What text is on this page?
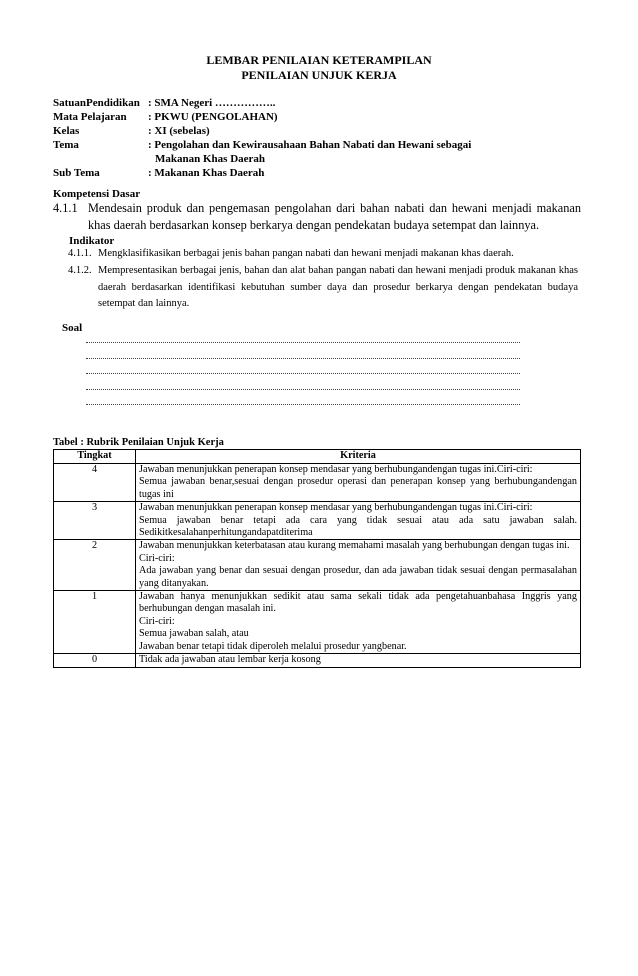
LEMBAR PENILAIAN KETERAMPILAN
PENILAIAN UNJUK KERJA
SatuanPendidikan : SMA Negeri ……………..
Mata Pelajaran : PKWU (PENGOLAHAN)
Kelas	: XI (sebelas)
Tema	: Pengolahan dan Kewirausahaan Bahan Nabati dan Hewani sebagai
Makanan Khas Daerah
Sub Tema	: Makanan Khas Daerah
Kompetensi Dasar
4.1.1 Mendesain produk dan pengemasan pengolahan dari bahan nabati dan hewani menjadi makanan khas daerah berdasarkan konsep berkarya dengan pendekatan budaya setempat dan lainnya.
Indikator
4.1.1. Mengklasifikasikan berbagai jenis bahan pangan nabati dan hewani menjadi makanan khas daerah.
4.1.2. Mempresentasikan berbagai jenis, bahan dan alat bahan pangan nabati dan hewani menjadi produk makanan khas daerah berdasarkan identifikasi kebutuhan sumber daya dan prosedur berkarya dengan pendekatan budaya setempat dan lainnya.
Soal
Tabel : Rubrik Penilaian Unjuk Kerja
Tingkat	Kriteria
4	Jawaban menunjukkan penerapan konsep mendasar yang berhubungandengan tugas ini.Ciri-ciri:
Semua jawaban benar,sesuai dengan prosedur operasi dan penerapan konsep yang berhubungandengan tugas ini

3	Jawaban menunjukkan penerapan konsep mendasar yang berhubungandengan tugas ini.Ciri-ciri:
Semua jawaban benar tetapi ada cara yang tidak sesuai atau ada satu jawaban salah. Sedikitkesalahanperhitungandapatditerima

2	Jawaban menunjukkan keterbatasan atau kurang memahami masalah yang berhubungan dengan tugas ini.
Ciri-ciri:
Ada jawaban yang benar dan sesuai dengan prosedur, dan ada jawaban tidak sesuai dengan permasalahan yang ditanyakan.

1	Jawaban hanya menunjukkan sedikit atau sama sekali tidak ada pengetahuanbahasa Inggris yang berhubungan dengan masalah ini.
Ciri-ciri:
Semua jawaban salah, atau
Jawaban benar tetapi tidak diperoleh melalui prosedur yangbenar.

0	Tidak ada jawaban atau lembar kerja kosong
